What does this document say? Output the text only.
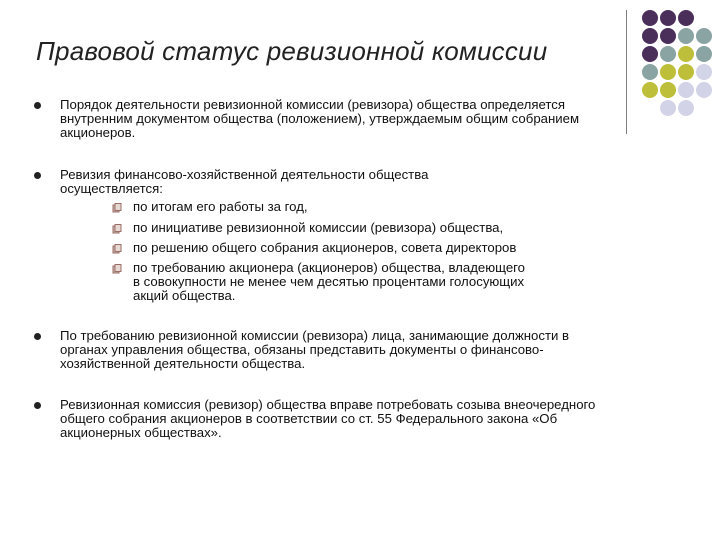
Правовой статус ревизионной комиссии
Порядок деятельности ревизионной комиссии (ревизора) общества определяется внутренним документом общества (положением), утверждаемым общим собранием акционеров.
Ревизия финансово-хозяйственной деятельности общества осуществляется:
по итогам его работы за год,
по инициативе ревизионной комиссии (ревизора) общества,
по решению общего собрания акционеров, совета директоров
по требованию акционера (акционеров) общества, владеющего в совокупности не менее чем десятью процентами голосующих акций общества.
По требованию ревизионной комиссии (ревизора) лица, занимающие должности в органах управления общества, обязаны представить документы о финансово-хозяйственной деятельности общества.
Ревизионная комиссия (ревизор) общества вправе потребовать созыва внеочередного общего собрания акционеров в соответствии со ст. 55 Федерального закона «Об акционерных обществах».
